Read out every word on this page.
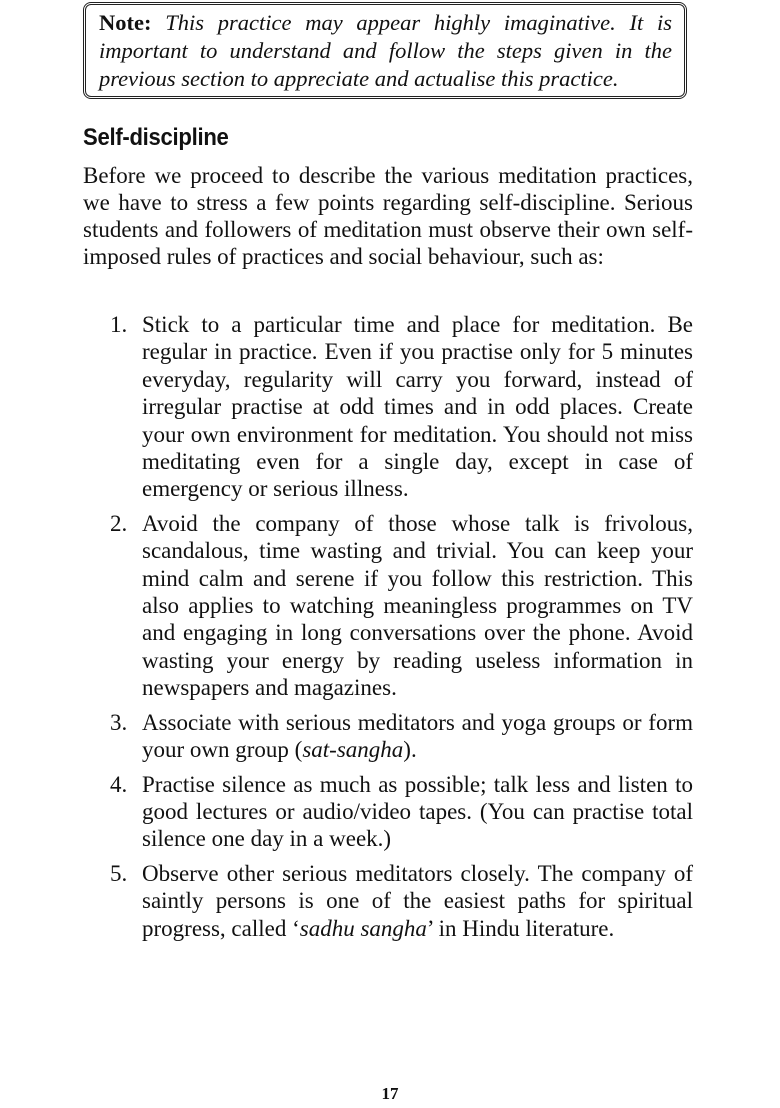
Note: This practice may appear highly imaginative. It is important to understand and follow the steps given in the previous section to appreciate and actualise this practice.
Self-discipline
Before we proceed to describe the various meditation practices, we have to stress a few points regarding self-discipline. Serious students and followers of meditation must observe their own self-imposed rules of practices and social behaviour, such as:
1. Stick to a particular time and place for meditation. Be regular in practice. Even if you practise only for 5 minutes everyday, regularity will carry you forward, instead of irregular practise at odd times and in odd places. Create your own environment for meditation. You should not miss meditating even for a single day, except in case of emergency or serious illness.
2. Avoid the company of those whose talk is frivolous, scandalous, time wasting and trivial. You can keep your mind calm and serene if you follow this restriction. This also applies to watching meaningless programmes on TV and engaging in long conversations over the phone. Avoid wasting your energy by reading useless information in newspapers and magazines.
3. Associate with serious meditators and yoga groups or form your own group (sat-sangha).
4. Practise silence as much as possible; talk less and listen to good lectures or audio/video tapes. (You can practise total silence one day in a week.)
5. Observe other serious meditators closely. The company of saintly persons is one of the easiest paths for spiritual progress, called ‘sadhu sangha’ in Hindu literature.
17
